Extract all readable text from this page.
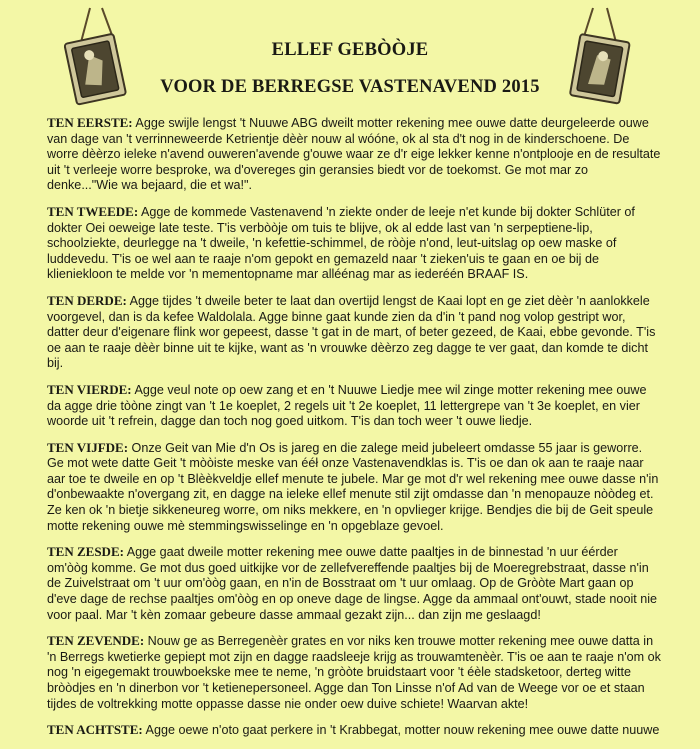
ELLEF GEBÒÒJE
VOOR DE BERREGSE VASTENAVEND 2015

TEN EERSTE: Agge swijle lengst 't Nuuwe ABG dweilt motter rekening mee ouwe datte deurgeleerde ouwe van dage van 't verrinneweerde Ketrientje dèèr nouw al wóóne, ok al sta d't nog in de kinderschoene. De worre dèèrzo ieleke n'avend ouweren'avende g'ouwe waar ze d'r eige lekker kenne n'ontplooje en de resultate uit 't verleeje worre besproke, wa d'overeges gin geransies biedt vor de toekomst. Ge mot mar zo denke..."Wie wa bejaard, die et wa!".

TEN TWEEDE: Agge de kommede Vastenavend 'n ziekte onder de leeje n'et kunde bij dokter Schlüter of dokter Oei oeweige late teste. T'is verbòòje om tuis te blijve, ok al edde last van 'n serpeptiene-lip, schoolziekte, deurlegge na 't dweile, 'n kefettie-schimmel, de ròòje n'ond, leut-uitslag op oew maske of luddevedu. T'is oe wel aan te raaje n'om gepokt en gemazeld naar 't zieken'uis te gaan en oe bij de klieniekloon te melde vor 'n mementopname mar alléénag mar as iederéén BRAAF IS.

TEN DERDE: Agge tijdes 't dweile beter te laat dan overtijd lengst de Kaai lopt en ge ziet dèèr 'n aanlokkele voorgevel, dan is da kefee Waldolala. Agge binne gaat kunde zien da d'in 't pand nog volop gestript wor, datter deur d'eigenare flink wor gepeest, dasse 't gat in de mart, of beter gezeed, de Kaai, ebbe gevonde. T'is oe aan te raaje dèèr binne uit te kijke, want as 'n vrouwke dèèrzo zeg dagge te ver gaat, dan komde te dicht bij.

TEN VIERDE: Agge veul note op oew zang et en 't Nuuwe Liedje mee wil zinge motter rekening mee ouwe da agge drie tòòne zingt van 't 1e koeplet, 2 regels uit 't 2e koeplet, 11 lettergrepe van 't 3e koeplet, en vier woorde uit 't refrein, dagge dan toch nog goed uitkom. T'is dan toch weer 't ouwe liedje.

TEN VIJFDE: Onze Geit van Mie d'n Os is jareg en die zalege meid jubeleert omdasse 55 jaar is geworre. Ge mot wete datte Geit 't mòòiste meske van ééł onze Vastenavendklas is. T'is oe dan ok aan te raaje naar aar toe te dweile en op 't Blèèkveldje ellef menute te jubele. Mar ge mot d'r wel rekening mee ouwe dasse n'in d'onbewaakte n'overgang zit, en dagge na ieleke ellef menute stil zijt omdasse dan 'n menopauze nòòdeg et. Ze ken ok 'n bietje sikkeneureg worre, om niks mekkere, en 'n opvlieger krijge. Bendjes die bij de Geit speule motte rekening ouwe mè stemmingswisselinge en 'n opgeblaze gevoel.

TEN ZESDE: Agge gaat dweile motter rekening mee ouwe datte paaltjes in de binnestad 'n uur éérder om'òòg komme. Ge mot dus goed uitkijke vor de zellefvereffende paaltjes bij de Moeregrebstraat, dasse n'in de Zuivelstraat om 't uur om'òòg gaan, en n'in de Bosstraat om 't uur omlaag. Op de Gròòte Mart gaan op d'eve dage de rechse paaltjes om'òòg en op oneve dage de lingse. Agge da ammaal ont'ouwt, stade nooit nie voor paal. Mar 't kèn zomaar gebeure dasse ammaal gezakt zijn... dan zijn me geslaagd!

TEN ZEVENDE: Nouw ge as Berregenèèr grates en vor niks ken trouwe motter rekening mee ouwe datta in 'n Berregs kwetierke gepiept mot zijn en dagge raadsleeje krijg as trouwamtenèèr. T'is oe aan te raaje n'om ok nog 'n eigegemakt trouwboekske mee te neme, 'n gròòte bruidstaart voor 't éèle stadsketoor, derteg witte bròòdjes en 'n dinerbon vor 't ketienepersoneel. Agge dan Ton Linsse n'of Ad van de Weege vor oe et staan tijdes de voltrekking motte oppasse dasse nie onder oew duive schiete! Waarvan akte!

TEN ACHTSTE: Agge oewe n'oto gaat perkere in 't Krabbegat, motter nouw rekening mee ouwe datte nuuwe
